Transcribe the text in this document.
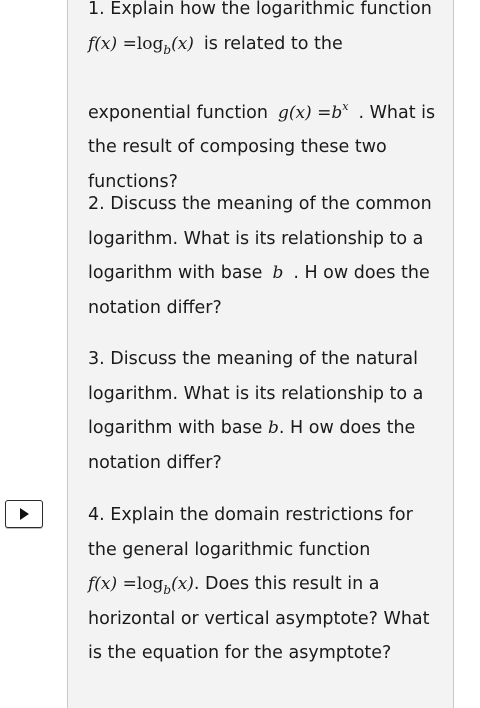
1. Explain how the logarithmic function
$f(x) =\log_b(x)$ is related to the

exponential function $g(x) =b^x$ . What is the result of composing these two functions?
2. Discuss the meaning of the common logarithm. What is its relationship to a logarithm with base b . H ow does the notation differ?
3. Discuss the meaning of the natural logarithm. What is its relationship to a logarithm with base b. H ow does the notation differ?
4. Explain the domain restrictions for the general logarithmic function
$f(x) =\log_b(x)$. Does this result in a horizontal or vertical asymptote? What is the equation for the asymptote?
